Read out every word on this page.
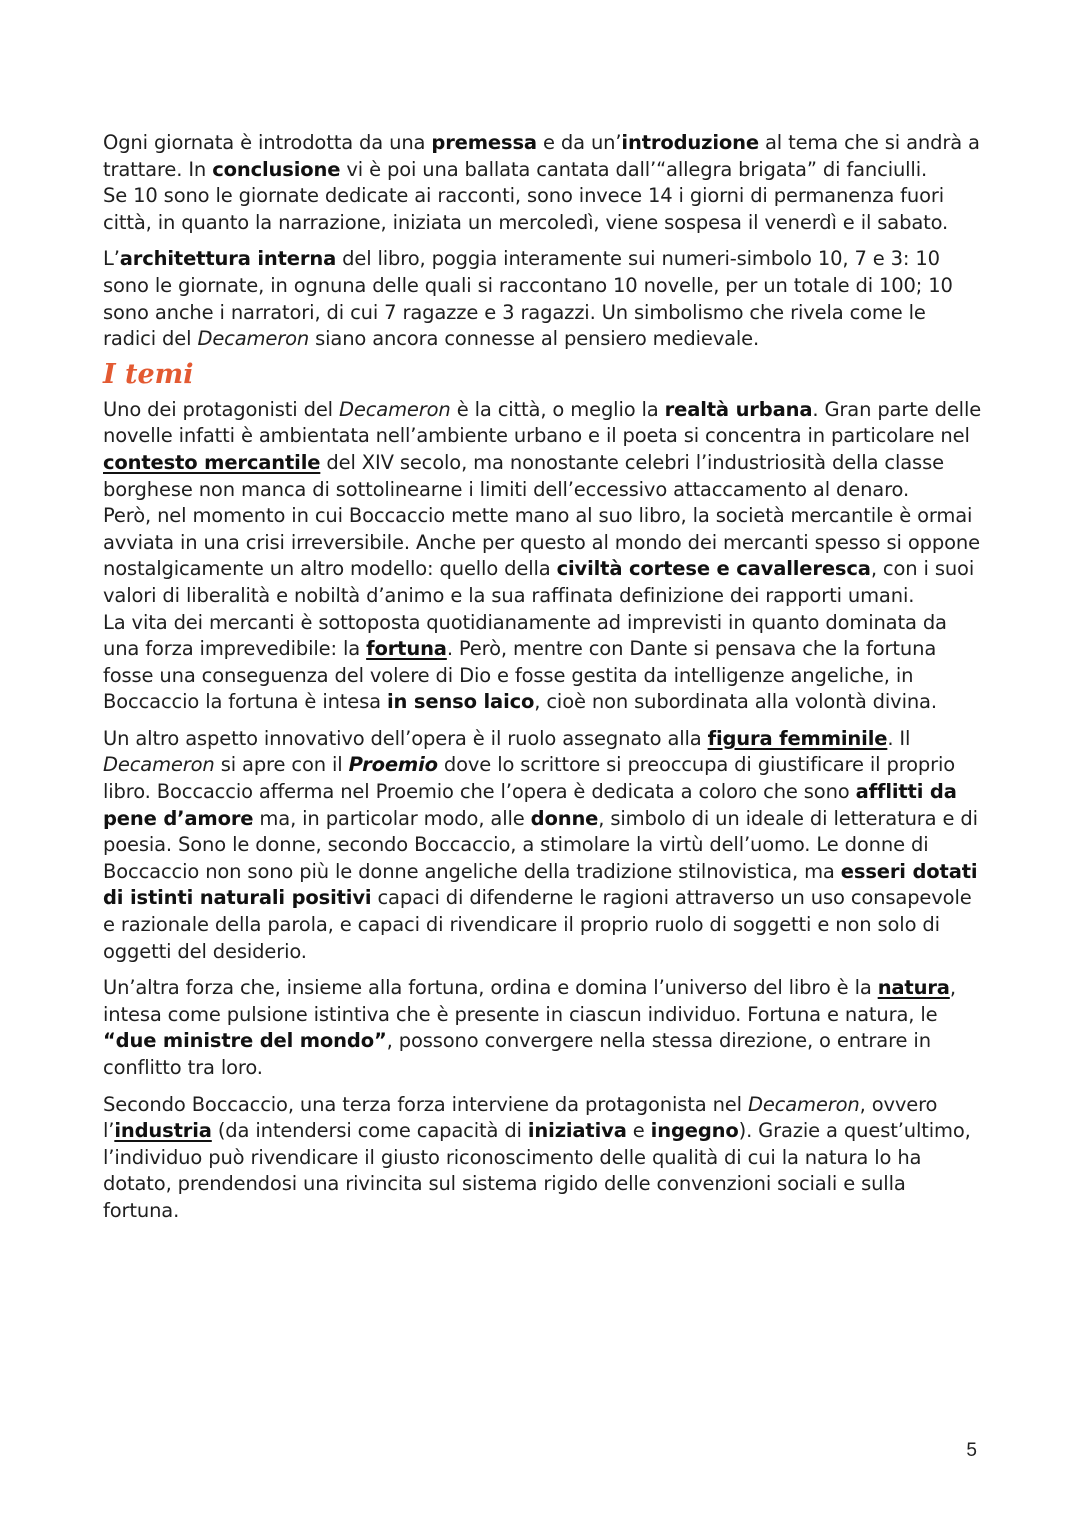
Ogni giornata è introdotta da una premessa e da un’introduzione al tema che si andrà a trattare. In conclusione vi è poi una ballata cantata dall’“allegra brigata” di fanciulli.

Se 10 sono le giornate dedicate ai racconti, sono invece 14 i giorni di permanenza fuori città, in quanto la narrazione, iniziata un mercoledì, viene sospesa il venerdì e il sabato.

L’architettura interna del libro, poggia interamente sui numeri-simbolo 10, 7 e 3: 10 sono le giornate, in ognuna delle quali si raccontano 10 novelle, per un totale di 100; 10 sono anche i narratori, di cui 7 ragazze e 3 ragazzi. Un simbolismo che rivela come le radici del Decameron siano ancora connesse al pensiero medievale.

I temi

Uno dei protagonisti del Decameron è la città, o meglio la realtà urbana. Gran parte delle novelle infatti è ambientata nell’ambiente urbano e il poeta si concentra in particolare nel contesto mercantile del XIV secolo, ma nonostante celebri l’industriosità della classe borghese non manca di sottolinearne i limiti dell’eccessivo attaccamento al denaro.

Però, nel momento in cui Boccaccio mette mano al suo libro, la società mercantile è ormai avviata in una crisi irreversibile. Anche per questo al mondo dei mercanti spesso si oppone nostalgicamente un altro modello: quello della civiltà cortese e cavalleresca, con i suoi valori di liberalità e nobiltà d’animo e la sua raffinata definizione dei rapporti umani.

La vita dei mercanti è sottoposta quotidianamente ad imprevisti in quanto dominata da una forza imprevedibile: la fortuna. Però, mentre con Dante si pensava che la fortuna fosse una conseguenza del volere di Dio e fosse gestita da intelligenze angeliche, in Boccaccio la fortuna è intesa in senso laico, cioè non subordinata alla volontà divina.

Un altro aspetto innovativo dell’opera è il ruolo assegnato alla figura femminile. Il Decameron si apre con il Proemio dove lo scrittore si preoccupa di giustificare il proprio libro. Boccaccio afferma nel Proemio che l’opera è dedicata a coloro che sono afflitti da pene d’amore ma, in particolar modo, alle donne, simbolo di un ideale di letteratura e di poesia. Sono le donne, secondo Boccaccio, a stimolare la virtù dell’uomo. Le donne di Boccaccio non sono più le donne angeliche della tradizione stilnovistica, ma esseri dotati di istinti naturali positivi capaci di difenderne le ragioni attraverso un uso consapevole e razionale della parola, e capaci di rivendicare il proprio ruolo di soggetti e non solo di oggetti del desiderio.

Un’altra forza che, insieme alla fortuna, ordina e domina l’universo del libro è la natura, intesa come pulsione istintiva che è presente in ciascun individuo. Fortuna e natura, le “due ministre del mondo”, possono convergere nella stessa direzione, o entrare in conflitto tra loro.

Secondo Boccaccio, una terza forza interviene da protagonista nel Decameron, ovvero l’industria (da intendersi come capacità di iniziativa e ingegno). Grazie a quest’ultimo, l’individuo può rivendicare il giusto riconoscimento delle qualità di cui la natura lo ha dotato, prendendosi una rivincita sul sistema rigido delle convenzioni sociali e sulla fortuna.

5
